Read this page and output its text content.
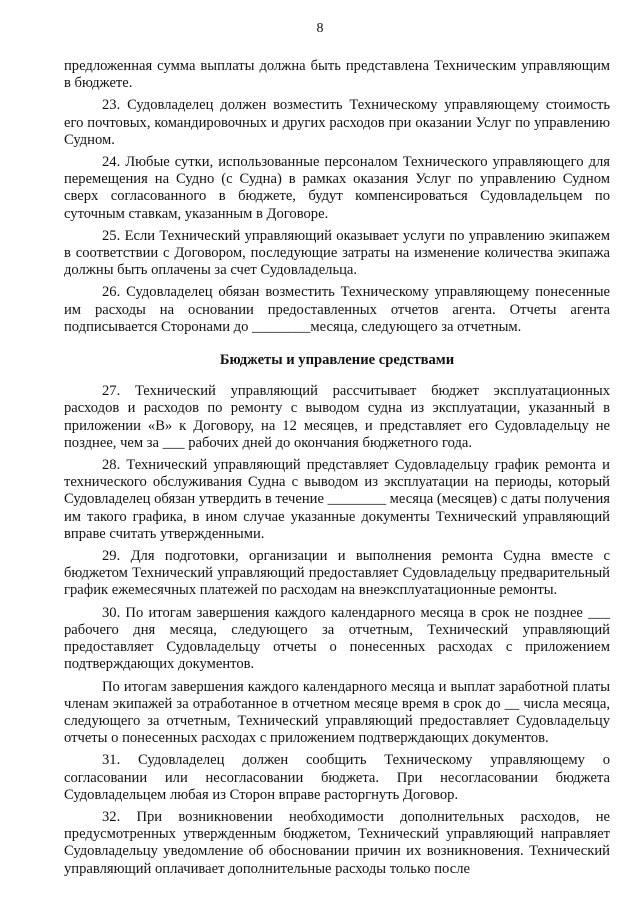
8

предложенная сумма выплаты должна быть представлена Техническим управляющим в бюджете.

23. Судовладелец должен возместить Техническому управляющему стоимость его почтовых, командировочных и других расходов при оказании Услуг по управлению Судном.

24. Любые сутки, использованные персоналом Технического управляющего для перемещения на Судно (с Судна) в рамках оказания Услуг по управлению Судном сверх согласованного в бюджете, будут компенсироваться Судовладельцем по суточным ставкам, указанным в Договоре.

25. Если Технический управляющий оказывает услуги по управлению экипажем в соответствии с Договором, последующие затраты на изменение количества экипажа должны быть оплачены за счет Судовладельца.

26. Судовладелец обязан возместить Техническому управляющему понесенные им расходы на основании предоставленных отчетов агента. Отчеты агента подписывается Сторонами до ________месяца, следующего за отчетным.

Бюджеты и управление средствами

27. Технический управляющий рассчитывает бюджет эксплуатационных расходов и расходов по ремонту с выводом судна из эксплуатации, указанный в приложении «В» к Договору, на 12 месяцев, и представляет его Судовладельцу не позднее, чем за ___ рабочих дней до окончания бюджетного года.

28. Технический управляющий представляет Судовладельцу график ремонта и технического обслуживания Судна с выводом из эксплуатации на периоды, который Судовладелец обязан утвердить в течение ________ месяца (месяцев) с даты получения им такого графика, в ином случае указанные документы Технический управляющий вправе считать утвержденными.

29. Для подготовки, организации и выполнения ремонта Судна вместе с бюджетом Технический управляющий предоставляет Судовладельцу предварительный график ежемесячных платежей по расходам на внеэксплуатационные ремонты.

30. По итогам завершения каждого календарного месяца в срок не позднее ___ рабочего дня месяца, следующего за отчетным, Технический управляющий предоставляет Судовладельцу отчеты о понесенных расходах с приложением подтверждающих документов.

По итогам завершения каждого календарного месяца и выплат заработной платы членам экипажей за отработанное в отчетном месяце время в срок до __ числа месяца, следующего за отчетным, Технический управляющий предоставляет Судовладельцу отчеты о понесенных расходах с приложением подтверждающих документов.

31. Судовладелец должен сообщить Техническому управляющему о согласовании или несогласовании бюджета. При несогласовании бюджета Судовладельцем любая из Сторон вправе расторгнуть Договор.

32. При возникновении необходимости дополнительных расходов, не предусмотренных утвержденным бюджетом, Технический управляющий направляет Судовладельцу уведомление об обосновании причин их возникновения. Технический управляющий оплачивает дополнительные расходы только после
